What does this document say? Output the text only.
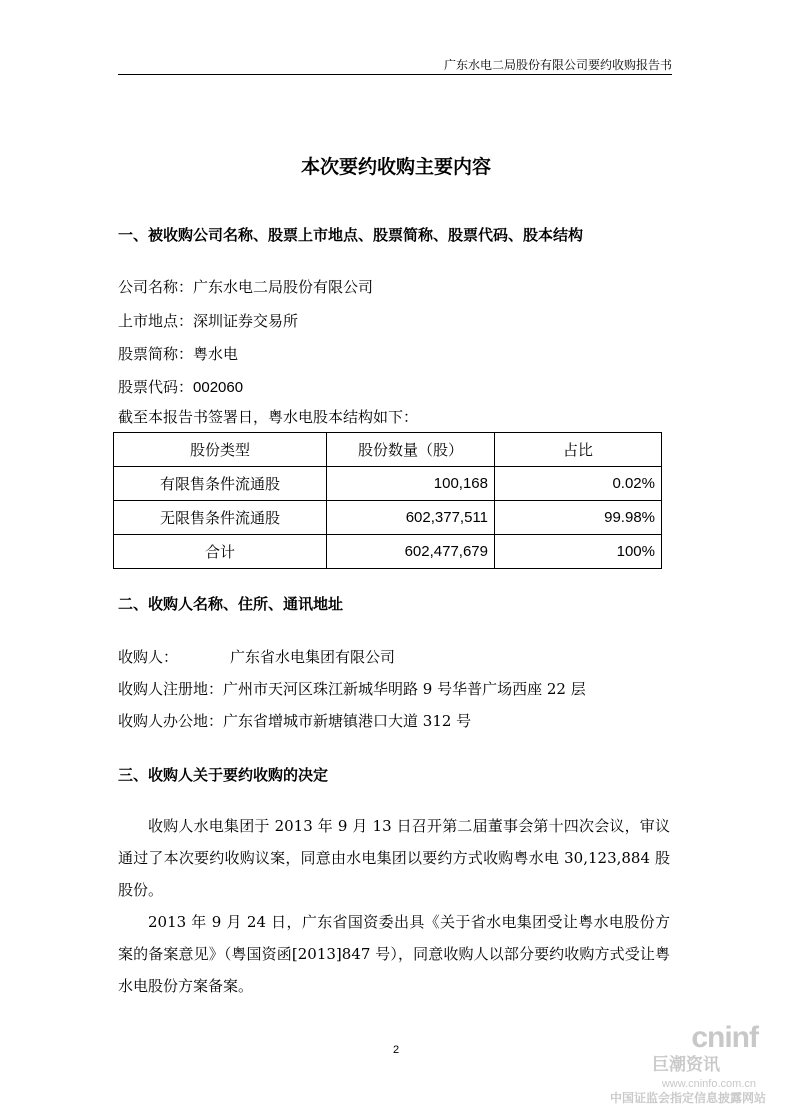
广东水电二局股份有限公司要约收购报告书
本次要约收购主要内容
一、被收购公司名称、股票上市地点、股票简称、股票代码、股本结构
公司名称：广东水电二局股份有限公司
上市地点：深圳证券交易所
股票简称：粤水电
股票代码：002060
截至本报告书签署日，粤水电股本结构如下：
股份类型	股份数量（股）	占比
有限售条件流通股	100,168	0.02%
无限售条件流通股	602,377,511	99.98%
合计	602,477,679	100%
二、收购人名称、住所、通讯地址
收购人：	广东省水电集团有限公司
收购人注册地：广州市天河区珠江新城华明路 9 号华普广场西座 22 层
收购人办公地：广东省增城市新塘镇港口大道 312 号
三、收购人关于要约收购的决定

收购人水电集团于 2013 年 9 月 13 日召开第二届董事会第十四次会议，审议通过了本次要约收购议案，同意由水电集团以要约方式收购粤水电 30,123,884 股股份。

2013 年 9 月 24 日，广东省国资委出具《关于省水电集团受让粤水电股份方案的备案意见》（粤国资函[2013]847 号），同意收购人以部分要约收购方式受让粤水电股份方案备案。

2	cninf
巨潮资讯
www.cninfo.com.cn
中国证监会指定信息披露网站
